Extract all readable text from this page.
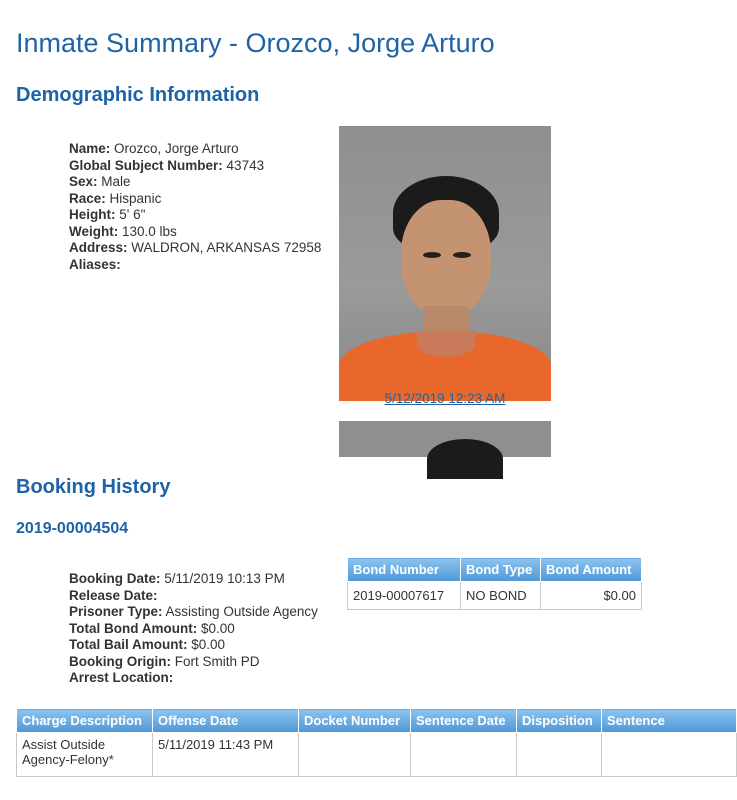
Inmate Summary - Orozco, Jorge Arturo
Demographic Information
Name: Orozco, Jorge Arturo
Global Subject Number: 43743
Sex: Male
Race: Hispanic
Height: 5' 6"
Weight: 130.0 lbs
Address: WALDRON, ARKANSAS 72958
Aliases:
5/12/2019 12:23 AM
Booking History
2019-00004504
Booking Date: 5/11/2019 10:13 PM
Release Date:
Prisoner Type: Assisting Outside Agency
Total Bond Amount: $0.00
Total Bail Amount: $0.00
Booking Origin: Fort Smith PD
Arrest Location:
Bond Number	Bond Type	Bond Amount
2019-00007617	NO BOND	$0.00
Charge Description	Offense Date	Docket Number	Sentence Date	Disposition	Sentence
Assist Outside Agency-Felony*	5/11/2019 11:43 PM				
